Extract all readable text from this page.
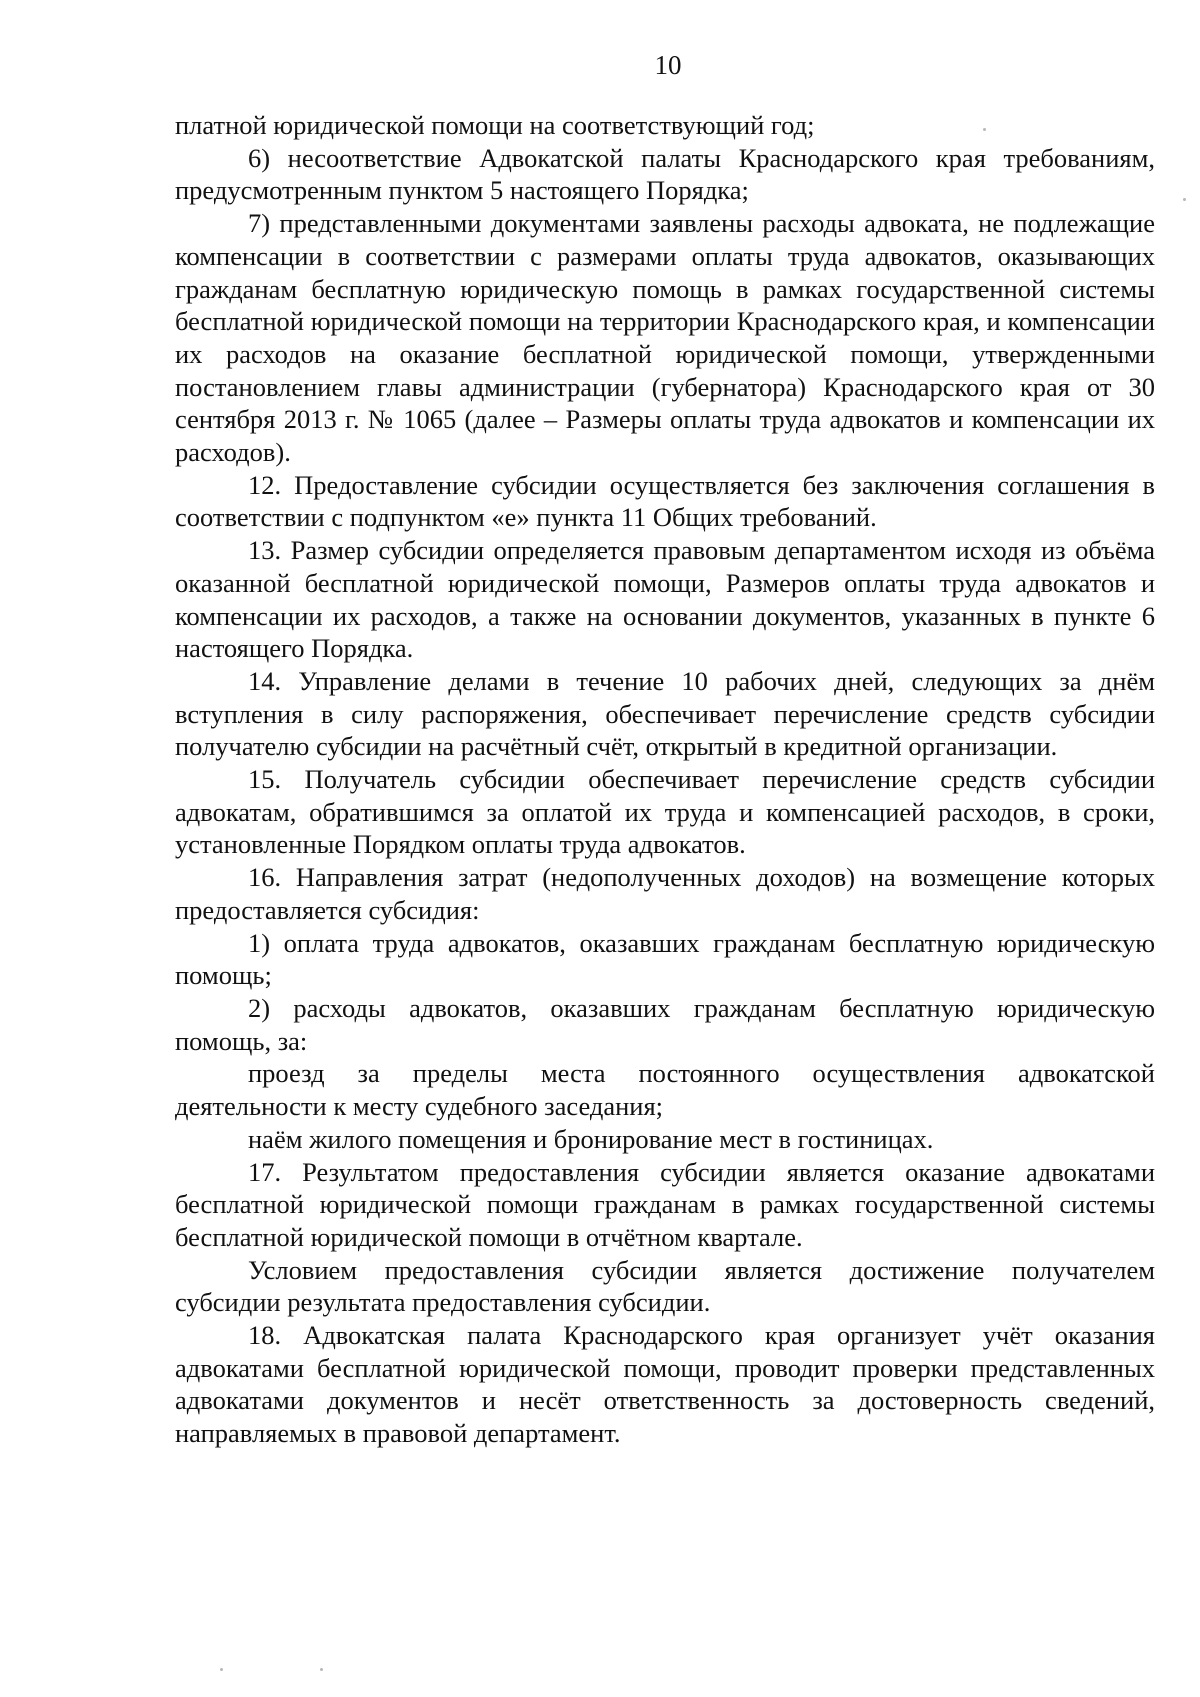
10

платной юридической помощи на соответствующий год;

6) несоответствие Адвокатской палаты Краснодарского края требованиям, предусмотренным пунктом 5 настоящего Порядка;

7) представленными документами заявлены расходы адвоката, не подлежащие компенсации в соответствии с размерами оплаты труда адвокатов, оказывающих гражданам бесплатную юридическую помощь в рамках государственной системы бесплатной юридической помощи на территории Краснодарского края, и компенсации их расходов на оказание бесплатной юридической помощи, утвержденными постановлением главы администрации (губернатора) Краснодарского края от 30 сентября 2013 г. № 1065 (далее – Размеры оплаты труда адвокатов и компенсации их расходов).

12. Предоставление субсидии осуществляется без заключения соглашения в соответствии с подпунктом «е» пункта 11 Общих требований.

13. Размер субсидии определяется правовым департаментом исходя из объёма оказанной бесплатной юридической помощи, Размеров оплаты труда адвокатов и компенсации их расходов, а также на основании документов, указанных в пункте 6 настоящего Порядка.

14. Управление делами в течение 10 рабочих дней, следующих за днём вступления в силу распоряжения, обеспечивает перечисление средств субсидии получателю субсидии на расчётный счёт, открытый в кредитной организации.

15. Получатель субсидии обеспечивает перечисление средств субсидии адвокатам, обратившимся за оплатой их труда и компенсацией расходов, в сроки, установленные Порядком оплаты труда адвокатов.

16. Направления затрат (недополученных доходов) на возмещение которых предоставляется субсидия:

1) оплата труда адвокатов, оказавших гражданам бесплатную юридическую помощь;

2) расходы адвокатов, оказавших гражданам бесплатную юридическую помощь, за:

проезд за пределы места постоянного осуществления адвокатской деятельности к месту судебного заседания;

наём жилого помещения и бронирование мест в гостиницах.

17. Результатом предоставления субсидии является оказание адвокатами бесплатной юридической помощи гражданам в рамках государственной системы бесплатной юридической помощи в отчётном квартале.

Условием предоставления субсидии является достижение получателем субсидии результата предоставления субсидии.

18. Адвокатская палата Краснодарского края организует учёт оказания адвокатами бесплатной юридической помощи, проводит проверки представленных адвокатами документов и несёт ответственность за достоверность сведений, направляемых в правовой департамент.
